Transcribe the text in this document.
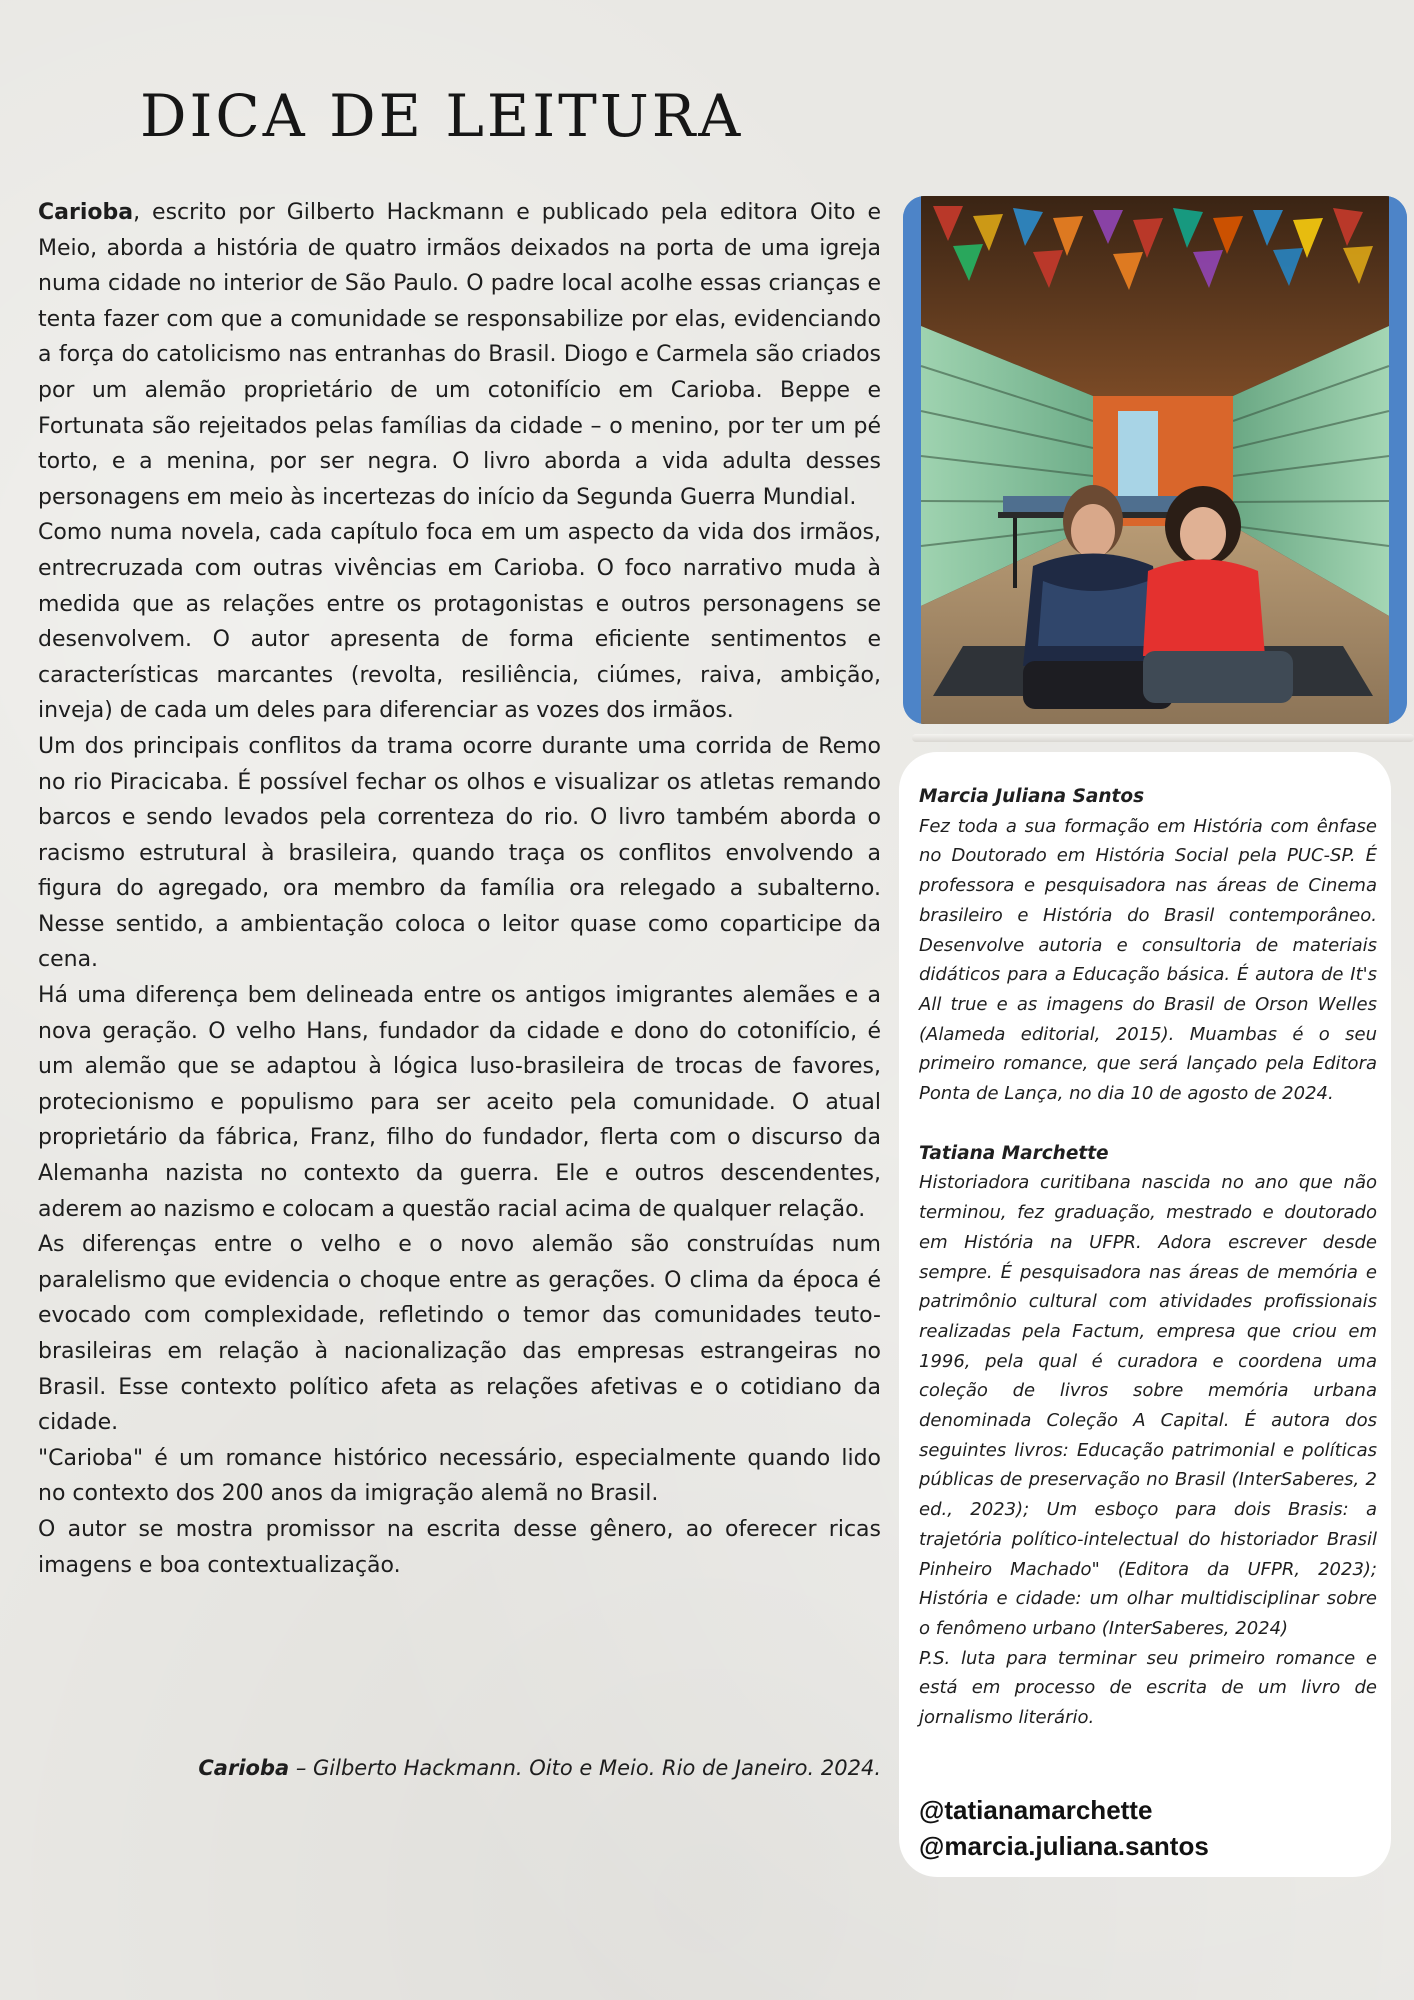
DICA DE LEITURA

Carioba, escrito por Gilberto Hackmann e publicado pela editora Oito e Meio, aborda a história de quatro irmãos deixados na porta de uma igreja numa cidade no interior de São Paulo. O padre local acolhe essas crianças e tenta fazer com que a comunidade se responsabilize por elas, evidenciando a força do catolicismo nas entranhas do Brasil. Diogo e Carmela são criados por um alemão proprietário de um cotonifício em Carioba. Beppe e Fortunata são rejeitados pelas famílias da cidade – o menino, por ter um pé torto, e a menina, por ser negra. O livro aborda a vida adulta desses personagens em meio às incertezas do início da Segunda Guerra Mundial.

Como numa novela, cada capítulo foca em um aspecto da vida dos irmãos, entrecruzada com outras vivências em Carioba. O foco narrativo muda à medida que as relações entre os protagonistas e outros personagens se desenvolvem. O autor apresenta de forma eficiente sentimentos e características marcantes (revolta, resiliência, ciúmes, raiva, ambição, inveja) de cada um deles para diferenciar as vozes dos irmãos.

Um dos principais conflitos da trama ocorre durante uma corrida de Remo no rio Piracicaba. É possível fechar os olhos e visualizar os atletas remando barcos e sendo levados pela correnteza do rio. O livro também aborda o racismo estrutural à brasileira, quando traça os conflitos envolvendo a figura do agregado, ora membro da família ora relegado a subalterno. Nesse sentido, a ambientação coloca o leitor quase como coparticipe da cena.

Há uma diferença bem delineada entre os antigos imigrantes alemães e a nova geração. O velho Hans, fundador da cidade e dono do cotonifício, é um alemão que se adaptou à lógica luso-brasileira de trocas de favores, protecionismo e populismo para ser aceito pela comunidade. O atual proprietário da fábrica, Franz, filho do fundador, flerta com o discurso da Alemanha nazista no contexto da guerra. Ele e outros descendentes, aderem ao nazismo e colocam a questão racial acima de qualquer relação.

As diferenças entre o velho e o novo alemão são construídas num paralelismo que evidencia o choque entre as gerações. O clima da época é evocado com complexidade, refletindo o temor das comunidades teuto-brasileiras em relação à nacionalização das empresas estrangeiras no Brasil. Esse contexto político afeta as relações afetivas e o cotidiano da cidade.

"Carioba" é um romance histórico necessário, especialmente quando lido no contexto dos 200 anos da imigração alemã no Brasil.

O autor se mostra promissor na escrita desse gênero, ao oferecer ricas imagens e boa contextualização.

Carioba – Gilberto Hackmann. Oito e Meio. Rio de Janeiro. 2024.

Marcia Juliana Santos

Fez toda a sua formação em História com ênfase no Doutorado em História Social pela PUC-SP. É professora e pesquisadora nas áreas de Cinema brasileiro e História do Brasil contemporâneo. Desenvolve autoria e consultoria de materiais didáticos para a Educação básica. É autora de It's All true e as imagens do Brasil de Orson Welles (Alameda editorial, 2015). Muambas é o seu primeiro romance, que será lançado pela Editora Ponta de Lança, no dia 10 de agosto de 2024.

Tatiana Marchette

Historiadora curitibana nascida no ano que não terminou, fez graduação, mestrado e doutorado em História na UFPR. Adora escrever desde sempre. É pesquisadora nas áreas de memória e patrimônio cultural com atividades profissionais realizadas pela Factum, empresa que criou em 1996, pela qual é curadora e coordena uma coleção de livros sobre memória urbana denominada Coleção A Capital. É autora dos seguintes livros: Educação patrimonial e políticas públicas de preservação no Brasil (InterSaberes, 2 ed., 2023); Um esboço para dois Brasis: a trajetória político-intelectual do historiador Brasil Pinheiro Machado" (Editora da UFPR, 2023); História e cidade: um olhar multidisciplinar sobre o fenômeno urbano (InterSaberes, 2024)

P.S. luta para terminar seu primeiro romance e está em processo de escrita de um livro de jornalismo literário.

@tatianamarchette
@marcia.juliana.santos
